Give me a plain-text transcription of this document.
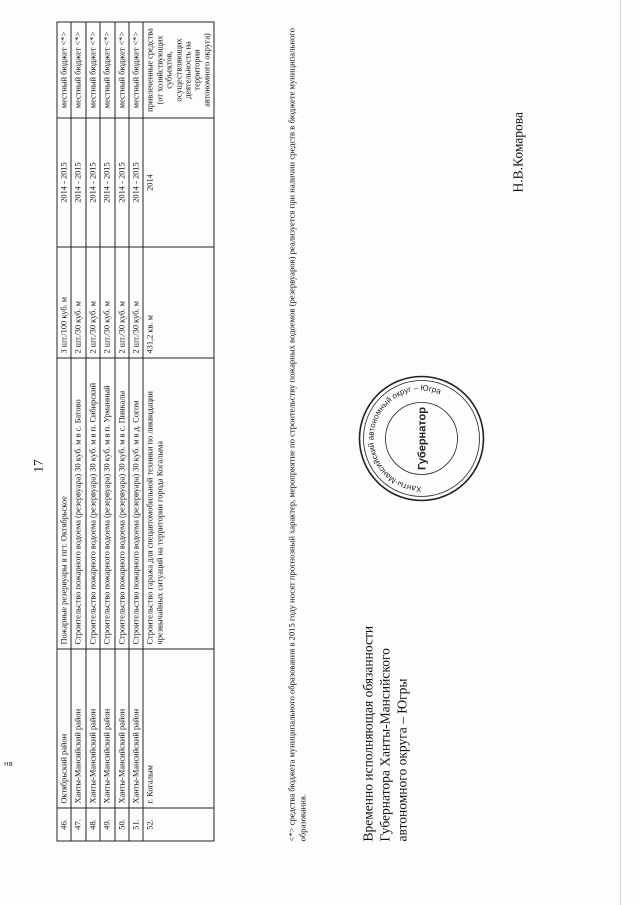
17
46.	Октябрьский район	Пожарные резервуары в пгт. Октябрьское	3 шт./100 куб. м	2014 - 2015	местный бюджет <*>
47.	Ханты-Мансийский район	Строительство пожарного водоема (резервуара) 30 куб. м в с. Батово	2 шт./30 куб. м	2014 - 2015	местный бюджет <*>
48.	Ханты-Мансийский район	Строительство пожарного водоема (резервуара) 30 куб. м в п. Сибирский	2 шт./30 куб. м	2014 - 2015	местный бюджет <*>
49.	Ханты-Мансийский район	Строительство пожарного водоема (резервуара) 30 куб. м в п. Урманный	2 шт./30 куб. м	2014 - 2015	местный бюджет <*>
50.	Ханты-Мансийский район	Строительство пожарного водоема (резервуара) 30 куб. м в с. Пинкалы	2 шт./30 куб. м	2014 - 2015	местный бюджет <*>
51.	Ханты-Мансийский район	Строительство пожарного водоема (резервуара) 30 куб. м в д. Согом	2 шт./30 куб. м	2014 - 2015	местный бюджет <*>
52.	г. Когалым	Строительство гаража для спецавтомобильной техники по ликвидации чрезвычайных ситуаций на территории города Когалыма	431,2 кв. м	2014	привлеченные средства (от хозяйствующих субъектов, осуществляющих деятельность на территории автономного округа)	<*> средства бюджета муниципального образования в 2015 году носят прогнозный характер, мероприятие по строительству пожарных водоемов (резервуаров) реализуется при наличии средств в бюджете муниципального образования.	Временно исполняющая обязанности Губернатора Ханты-Мансийского автономного округа – Югры
Ханты-Мансийский автономный округ – Югра
Губернатор
Н.В.Комарова
нв
